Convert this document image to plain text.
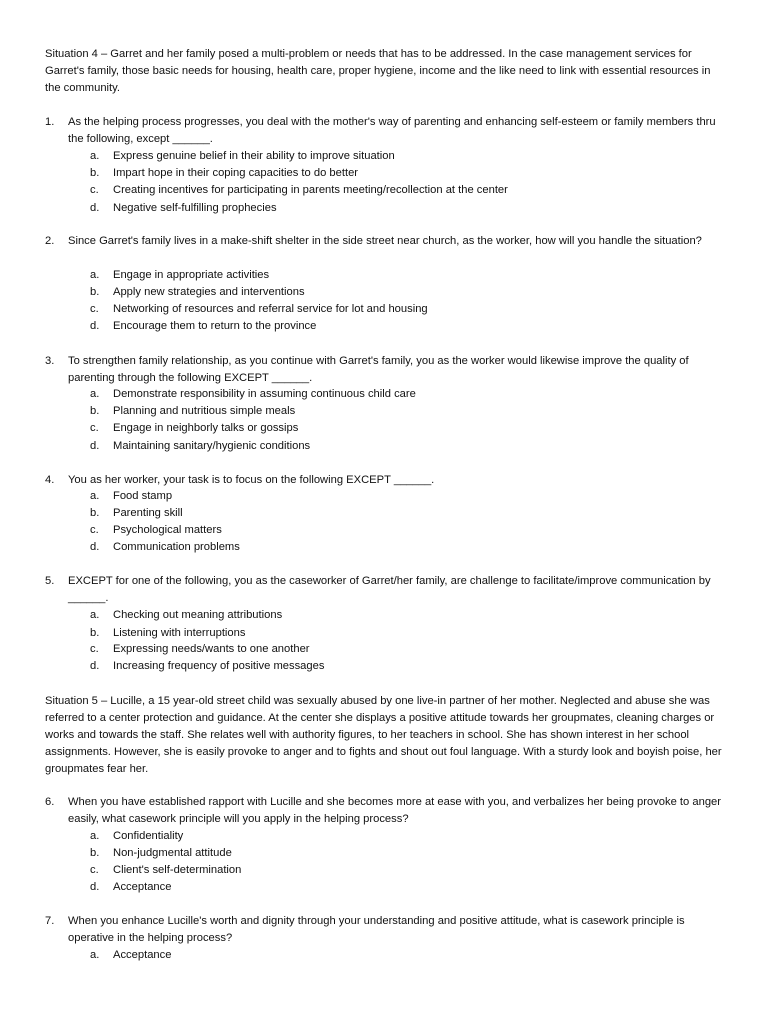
Situation 4 – Garret and her family posed a multi-problem or needs that has to be addressed. In the case management services for Garret's family, those basic needs for housing, health care, proper hygiene, income and the like need to link with essential resources in the community.
1. As the helping process progresses, you deal with the mother's way of parenting and enhancing self-esteem or family members thru the following, except ______.
a. Express genuine belief in their ability to improve situation
b. Impart hope in their coping capacities to do better
c. Creating incentives for participating in parents meeting/recollection at the center
d. Negative self-fulfilling prophecies
2. Since Garret's family lives in a make-shift shelter in the side street near church, as the worker, how will you handle the situation?
a. Engage in appropriate activities
b. Apply new strategies and interventions
c. Networking of resources and referral service for lot and housing
d. Encourage them to return to the province
3. To strengthen family relationship, as you continue with Garret's family, you as the worker would likewise improve the quality of parenting through the following EXCEPT ______.
a. Demonstrate responsibility in assuming continuous child care
b. Planning and nutritious simple meals
c. Engage in neighborly talks or gossips
d. Maintaining sanitary/hygienic conditions
4. You as her worker, your task is to focus on the following EXCEPT ______.
a. Food stamp
b. Parenting skill
c. Psychological matters
d. Communication problems
5. EXCEPT for one of the following, you as the caseworker of Garret/her family, are challenge to facilitate/improve communication by ______.
a. Checking out meaning attributions
b. Listening with interruptions
c. Expressing needs/wants to one another
d. Increasing frequency of positive messages
Situation 5 – Lucille, a 15 year-old street child was sexually abused by one live-in partner of her mother. Neglected and abuse she was referred to a center protection and guidance. At the center she displays a positive attitude towards her groupmates, cleaning charges or works and towards the staff. She relates well with authority figures, to her teachers in school. She has shown interest in her school assignments. However, she is easily provoke to anger and to fights and shout out foul language. With a sturdy look and boyish poise, her groupmates fear her.
6. When you have established rapport with Lucille and she becomes more at ease with you, and verbalizes her being provoke to anger easily, what casework principle will you apply in the helping process?
a. Confidentiality
b. Non-judgmental attitude
c. Client's self-determination
d. Acceptance
7. When you enhance Lucille's worth and dignity through your understanding and positive attitude, what is casework principle is operative in the helping process?
a. Acceptance
